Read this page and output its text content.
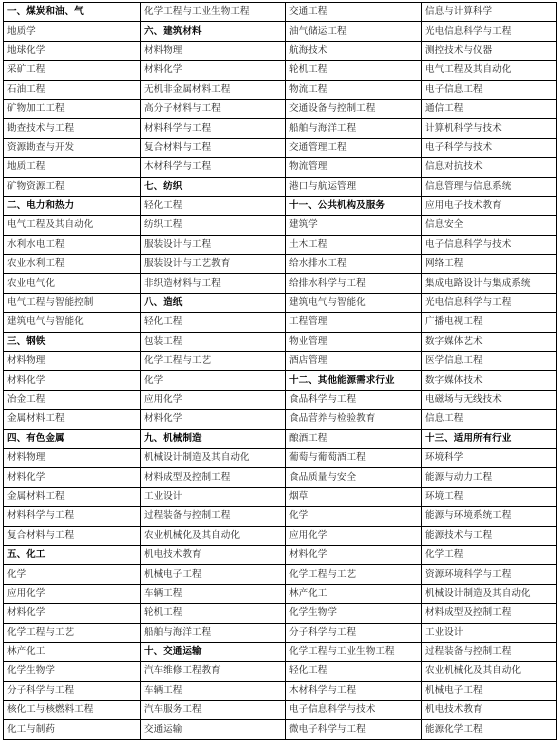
一、煤炭和油、气	化学工程与工业生物工程	交通工程	信息与计算科学
地质学	六、建筑材料	油气储运工程	光电信息科学与工程
地球化学	材料物理	航海技术	测控技术与仪器
采矿工程	材料化学	轮机工程	电气工程及其自动化
石油工程	无机非金属材料工程	物流工程	电子信息工程
矿物加工工程	高分子材料与工程	交通设备与控制工程	通信工程
勘查技术与工程	材料科学与工程	船舶与海洋工程	计算机科学与技术
资源勘查与开发	复合材料与工程	交通管理工程	电子科学与技术
地质工程	木材科学与工程	物流管理	信息对抗技术
矿物资源工程	七、纺织	港口与航运管理	信息管理与信息系统
二、电力和热力	轻化工程	十一、公共机构及服务	应用电子技术教育
电气工程及其自动化	纺织工程	建筑学	信息安全
水利水电工程	服装设计与工程	土木工程	电子信息科学与技术
农业水利工程	服装设计与工艺教育	给水排水工程	网络工程
农业电气化	非织造材料与工程	给排水科学与工程	集成电路设计与集成系统
电气工程与智能控制	八、造纸	建筑电气与智能化	光电信息科学与工程
建筑电气与智能化	轻化工程	工程管理	广播电视工程
三、钢铁	包装工程	物业管理	数字媒体艺术
材料物理	化学工程与工艺	酒店管理	医学信息工程
材料化学	化学	十二、其他能源需求行业	数字媒体技术
冶金工程	应用化学	食品科学与工程	电磁场与无线技术
金属材料工程	材料化学	食品营养与检验教育	信息工程
四、有色金属	九、机械制造	酿酒工程	十三、适用所有行业
材料物理	机械设计制造及其自动化	葡萄与葡萄酒工程	环境科学
材料化学	材料成型及控制工程	食品质量与安全	能源与动力工程
金属材料工程	工业设计	烟草	环境工程
材料科学与工程	过程装备与控制工程	化学	能源与环境系统工程
复合材料与工程	农业机械化及其自动化	应用化学	能源技术与工程
五、化工	机电技术教育	材料化学	化学工程
化学	机械电子工程	化学工程与工艺	资源环境科学与工程
应用化学	车辆工程	林产化工	机械设计制造及其自动化
材料化学	轮机工程	化学生物学	材料成型及控制工程
化学工程与工艺	船舶与海洋工程	分子科学与工程	工业设计
林产化工	十、交通运输	化学工程与工业生物工程	过程装备与控制工程
化学生物学	汽车维修工程教育	轻化工程	农业机械化及其自动化
分子科学与工程	车辆工程	木材科学与工程	机械电子工程
核化工与核燃料工程	汽车服务工程	电子信息科学与技术	机电技术教育
化工与制药	交通运输	微电子科学与工程	能源化学工程
